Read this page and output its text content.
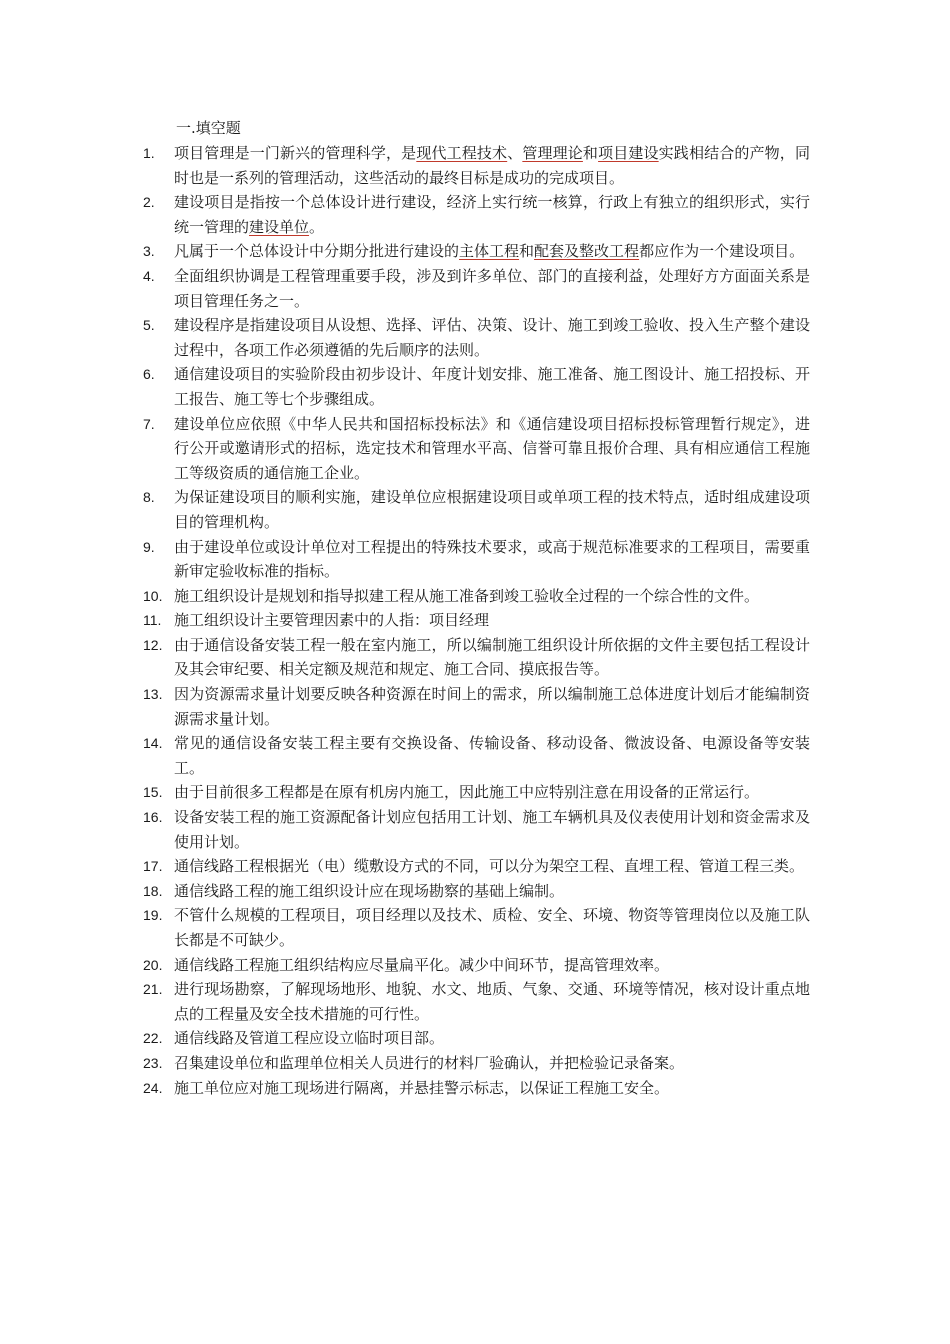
一.填空题
1.	项目管理是一门新兴的管理科学，是现代工程技术、管理理论和项目建设实践相结合的产物，同时也是一系列的管理活动，这些活动的最终目标是成功的完成项目。
2.	建设项目是指按一个总体设计进行建设，经济上实行统一核算，行政上有独立的组织形式，实行统一管理的建设单位。
3.	凡属于一个总体设计中分期分批进行建设的主体工程和配套及整改工程都应作为一个建设项目。
4.	全面组织协调是工程管理重要手段，涉及到许多单位、部门的直接利益，处理好方方面面关系是项目管理任务之一。
5.	建设程序是指建设项目从设想、选择、评估、决策、设计、施工到竣工验收、投入生产整个建设过程中，各项工作必须遵循的先后顺序的法则。
6.	通信建设项目的实验阶段由初步设计、年度计划安排、施工准备、施工图设计、施工招投标、开工报告、施工等七个步骤组成。
7.	建设单位应依照《中华人民共和国招标投标法》和《通信建设项目招标投标管理暂行规定》，进行公开或邀请形式的招标，选定技术和管理水平高、信誉可靠且报价合理、具有相应通信工程施工等级资质的通信施工企业。
8.	为保证建设项目的顺利实施，建设单位应根据建设项目或单项工程的技术特点，适时组成建设项目的管理机构。
9.	由于建设单位或设计单位对工程提出的特殊技术要求，或高于规范标准要求的工程项目，需要重新审定验收标准的指标。
10. 施工组织设计是规划和指导拟建工程从施工准备到竣工验收全过程的一个综合性的文件。
11. 施工组织设计主要管理因素中的人指：项目经理
12. 由于通信设备安装工程一般在室内施工，所以编制施工组织设计所依据的文件主要包括工程设计及其会审纪要、相关定额及规范和规定、施工合同、摸底报告等。
13. 因为资源需求量计划要反映各种资源在时间上的需求，所以编制施工总体进度计划后才能编制资源需求量计划。
14. 常见的通信设备安装工程主要有交换设备、传输设备、移动设备、微波设备、电源设备等安装工。
15. 由于目前很多工程都是在原有机房内施工，因此施工中应特别注意在用设备的正常运行。
16. 设备安装工程的施工资源配备计划应包括用工计划、施工车辆机具及仪表使用计划和资金需求及使用计划。
17. 通信线路工程根据光（电）缆敷设方式的不同，可以分为架空工程、直埋工程、管道工程三类。
18. 通信线路工程的施工组织设计应在现场勘察的基础上编制。
19. 不管什么规模的工程项目，项目经理以及技术、质检、安全、环境、物资等管理岗位以及施工队长都是不可缺少。
20. 通信线路工程施工组织结构应尽量扁平化。减少中间环节，提高管理效率。
21. 进行现场勘察，了解现场地形、地貌、水文、地质、气象、交通、环境等情况，核对设计重点地点的工程量及安全技术措施的可行性。
22. 通信线路及管道工程应设立临时项目部。
23. 召集建设单位和监理单位相关人员进行的材料厂验确认，并把检验记录备案。
24. 施工单位应对施工现场进行隔离，并悬挂警示标志，以保证工程施工安全。
